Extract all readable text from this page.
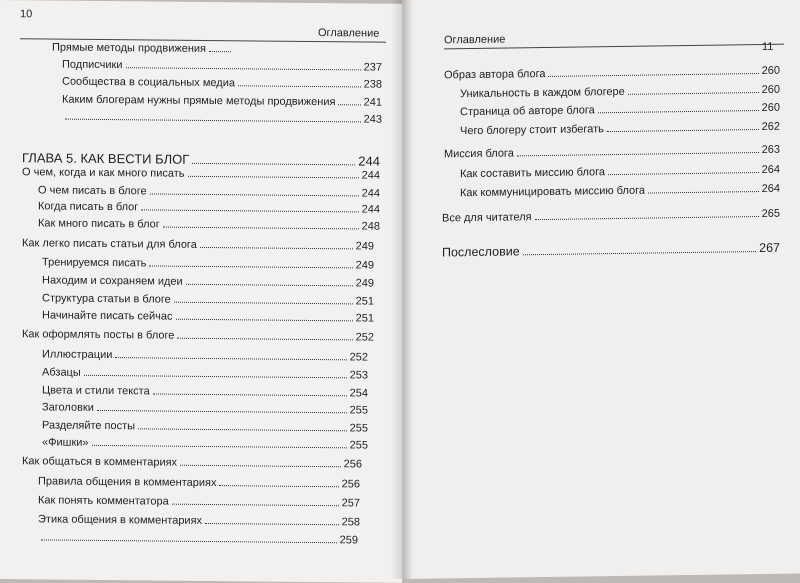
10
Оглавление
Прямые методы продвижения
Подписчики	237
Сообщества в социальных медиа	238
Каким блогерам нужны прямые методы продвижения	241
243
ГЛАВА 5. КАК ВЕСТИ БЛОГ	244
О чем, когда и как много писать	244
О чем писать в блоге	244
Когда писать в блог	244
Как много писать в блог	248
Как легко писать статьи для блога	249
Тренируемся писать	249
Находим и сохраняем идеи	249
Структура статьи в блоге	251
Начинайте писать сейчас	251
Как оформлять посты в блоге	252
Иллюстрации	252
Абзацы	253
Цвета и стили текста	254
Заголовки	255
Разделяйте посты	255
«Фишки»	255
Как общаться в комментариях	256
Правила общения в комментариях	256
Как понять комментатора	257
Этика общения в комментариях	258
259
Оглавление
11
Образ автора блога	260
Уникальность в каждом блогере	260
Страница об авторе блога	260
Чего блогеру стоит избегать	262
Миссия блога	263
Как составить миссию блога	264
Как коммуницировать миссию блога	264
Все для читателя	265
Послесловие	267
